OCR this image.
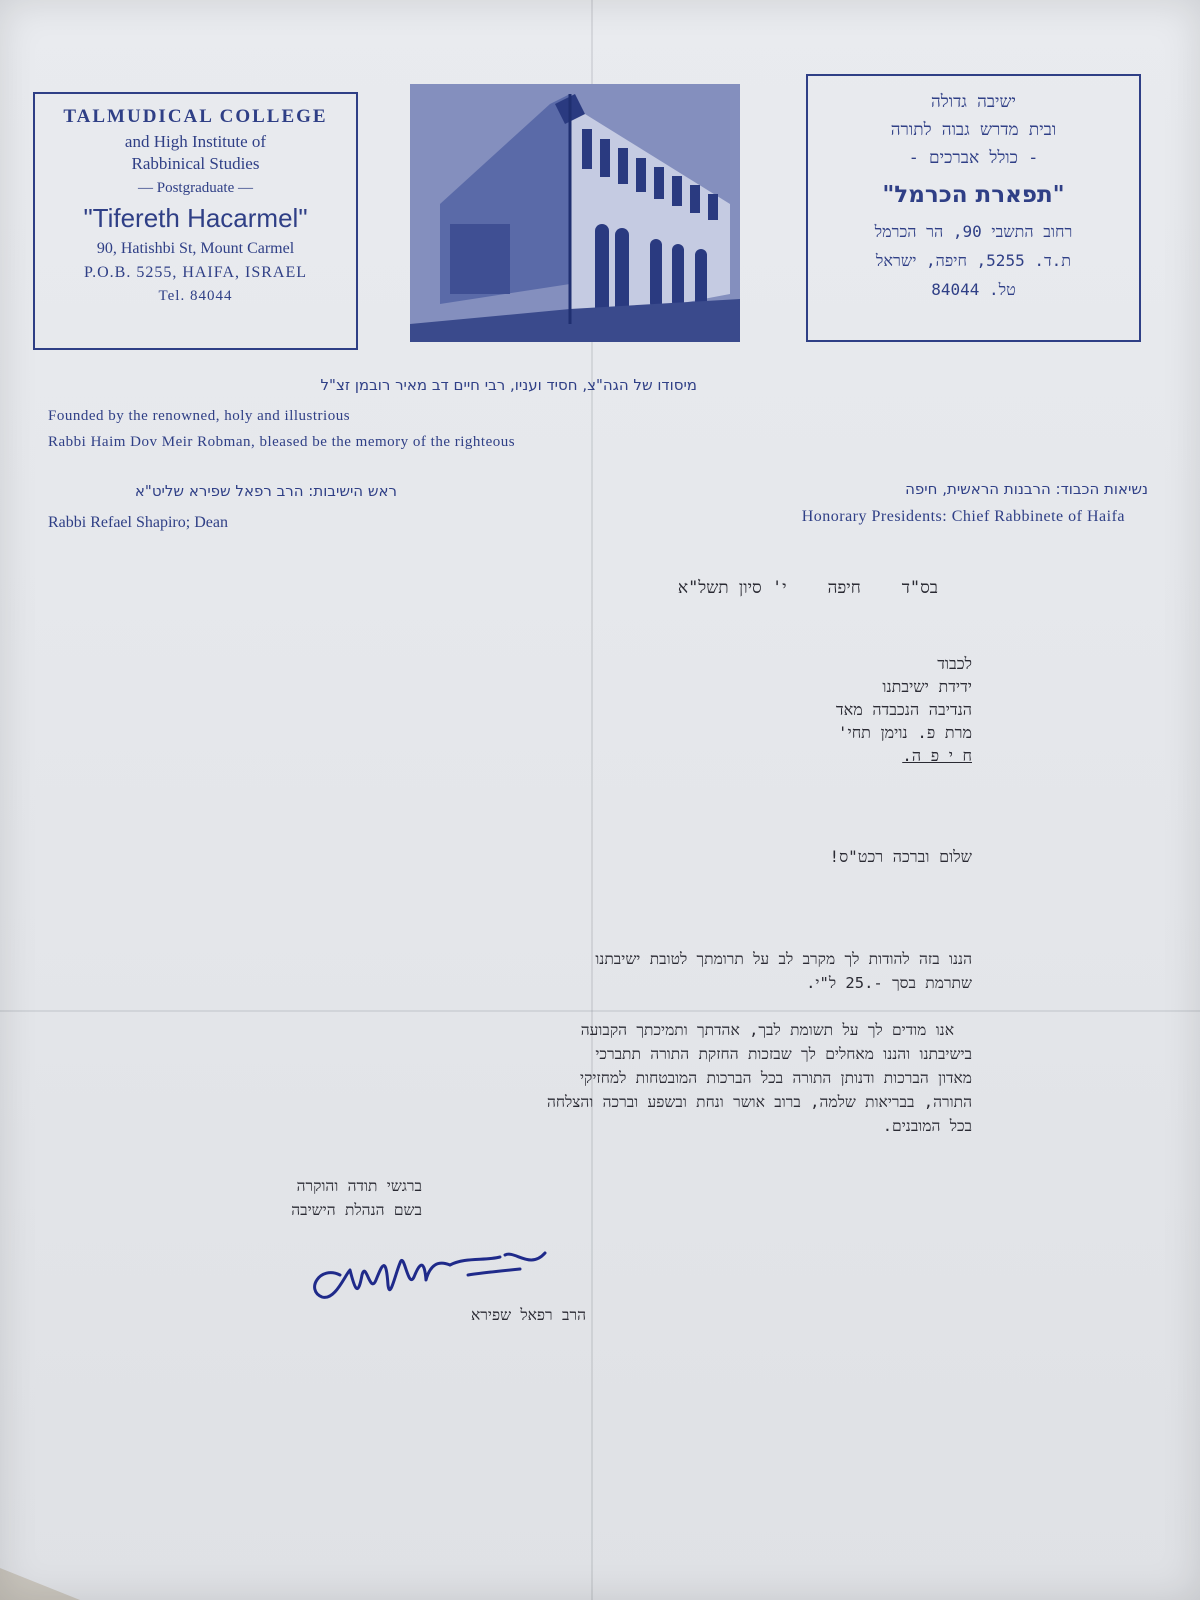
TALMUDICAL COLLEGE
and High Institute of
Rabbinical Studies
— Postgraduate —
"Tifereth Hacarmel"
90, Hatishbi St, Mount Carmel
P.O.B. 5255, HAIFA, ISRAEL
Tel. 84044
ישיבה גדולה
ובית מדרש גבוה לתורה
- כולל אברכים -
"תפארת הכרמל"
רחוב התשבי 90, הר הכרמל
ת.ד. 5255, חיפה, ישראל
טל. 84044
מיסודו של הגה"צ, חסיד ועניו, רבי חיים דב מאיר רובמן זצ"ל
Founded by the renowned, holy and illustrious
Rabbi Haim Dov Meir Robman, bleased be the memory of the righteous
ראש הישיבות: הרב רפאל שפירא שליט"א
Rabbi Refael Shapiro; Dean
נשיאות הכבוד: הרבנות הראשית, חיפה
Honorary Presidents: Chief Rabbinete of Haifa
בס"ד    חיפה    י' סיון תשל"א
לכבוד
ידידת ישיבתנו
הנדיבה הנכבדה מאד
מרת פ. נוימן תחי'
ח י פ ה.
שלום וברכה רכט"ס!
הננו בזה להודות לך מקרב לב על תרומתך לטובת ישיבתנו
שתרמת בסך -.25 ל"י.
אנו מודים לך על תשומת לבך, אהדתך ותמיכתך הקבועה
בישיבתנו והננו מאחלים לך שבזכות החזקת התורה תתברכי
מאדון הברכות ודנותן התורה בכל הברכות המובטחות למחזיקי
התורה, בבריאות שלמה, ברוב אושר ונחת ובשפע וברכה והצלחה
בכל המובנים.
ברגשי תודה והוקרה
בשם הנהלת הישיבה
הרב רפאל שפירא
